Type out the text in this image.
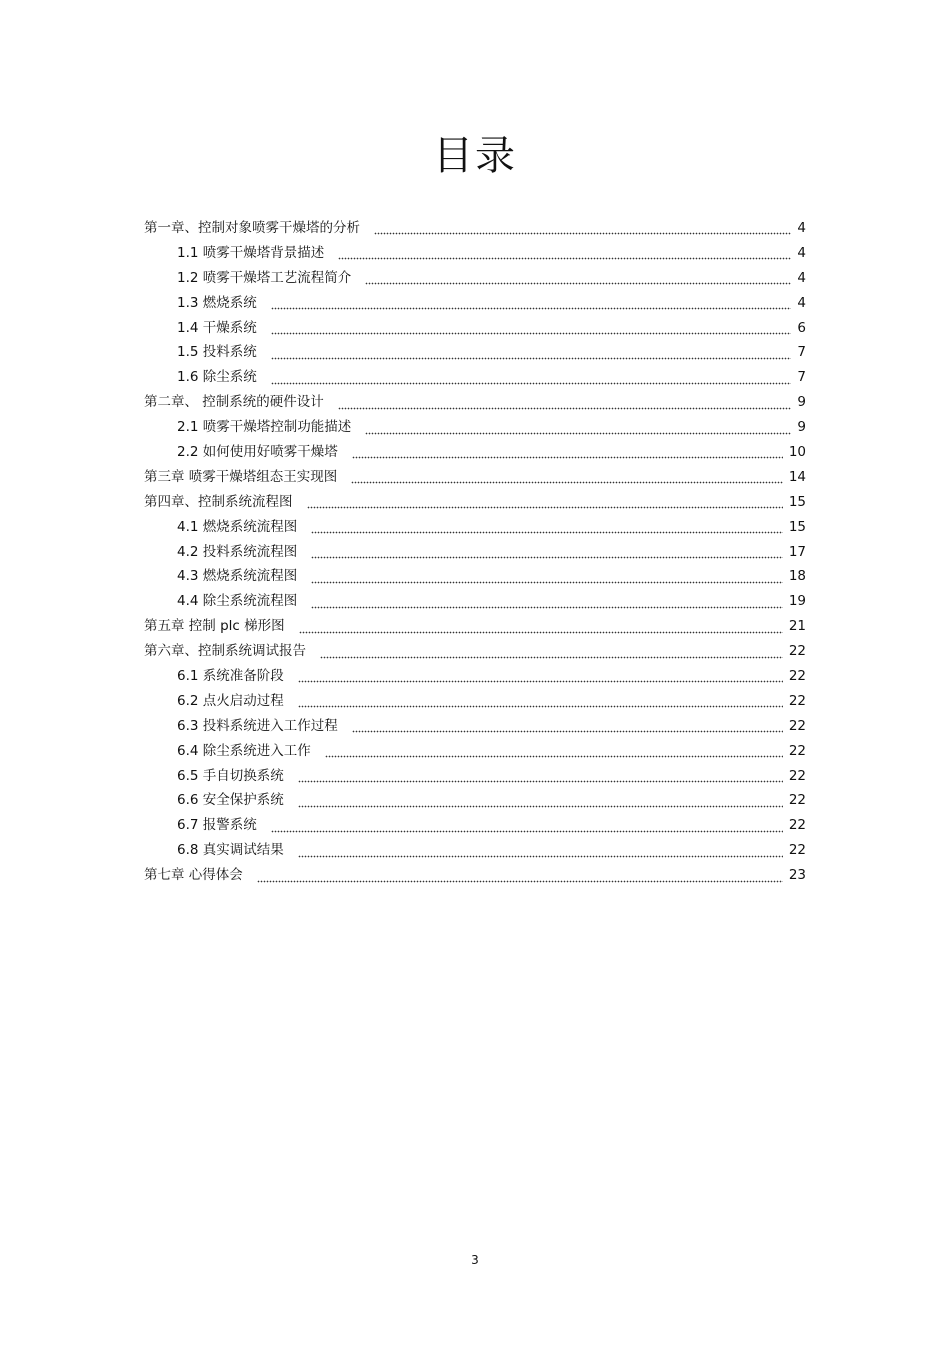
目录
第一章、控制对象喷雾干燥塔的分析	4
1.1 喷雾干燥塔背景描述	4
1.2 喷雾干燥塔工艺流程简介	4
1.3 燃烧系统	4
1.4 干燥系统	6
1.5 投料系统	7
1.6 除尘系统	7
第二章、 控制系统的硬件设计	9
2.1 喷雾干燥塔控制功能描述	9
2.2 如何使用好喷雾干燥塔	10
第三章 喷雾干燥塔组态王实现图	14
第四章、控制系统流程图	15
4.1 燃烧系统流程图	15
4.2 投料系统流程图	17
4.3 燃烧系统流程图	18
4.4 除尘系统流程图	19
第五章 控制 plc 梯形图	21
第六章、控制系统调试报告	22
6.1 系统准备阶段	22
6.2 点火启动过程	22
6.3 投料系统进入工作过程	22
6.4 除尘系统进入工作	22
6.5 手自切换系统	22
6.6 安全保护系统	22
6.7 报警系统	22
6.8 真实调试结果	22
第七章 心得体会	23
3
